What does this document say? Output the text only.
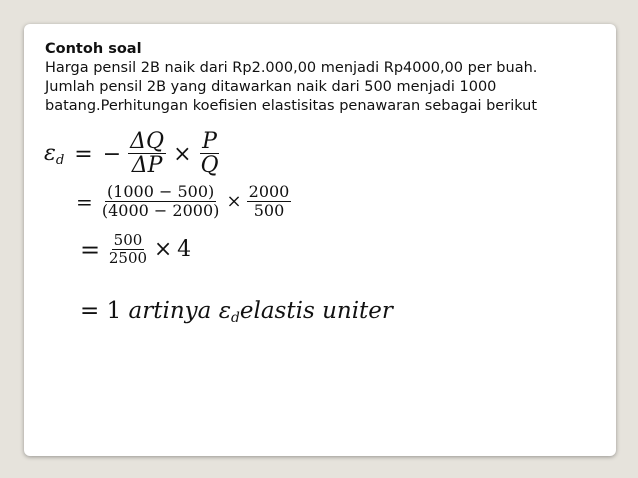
Contoh soal
Harga pensil 2B naik dari Rp2.000,00 menjadi Rp4000,00 per buah.
Jumlah pensil 2B yang ditawarkan naik dari 500 menjadi 1000
batang.Perhitungan koefisien elastisitas penawaran sebagai berikut
$\varepsilon_d$ = − $\frac{\Delta Q}{\Delta P} \times \frac{P}{Q}$
= $\frac{(1000 - 500)}{(4000 - 2000)} \times \frac{2000}{500}$
= $\frac{500}{2500} \times 4$
= 1 artinya $\varepsilon_delastis$ uniter
